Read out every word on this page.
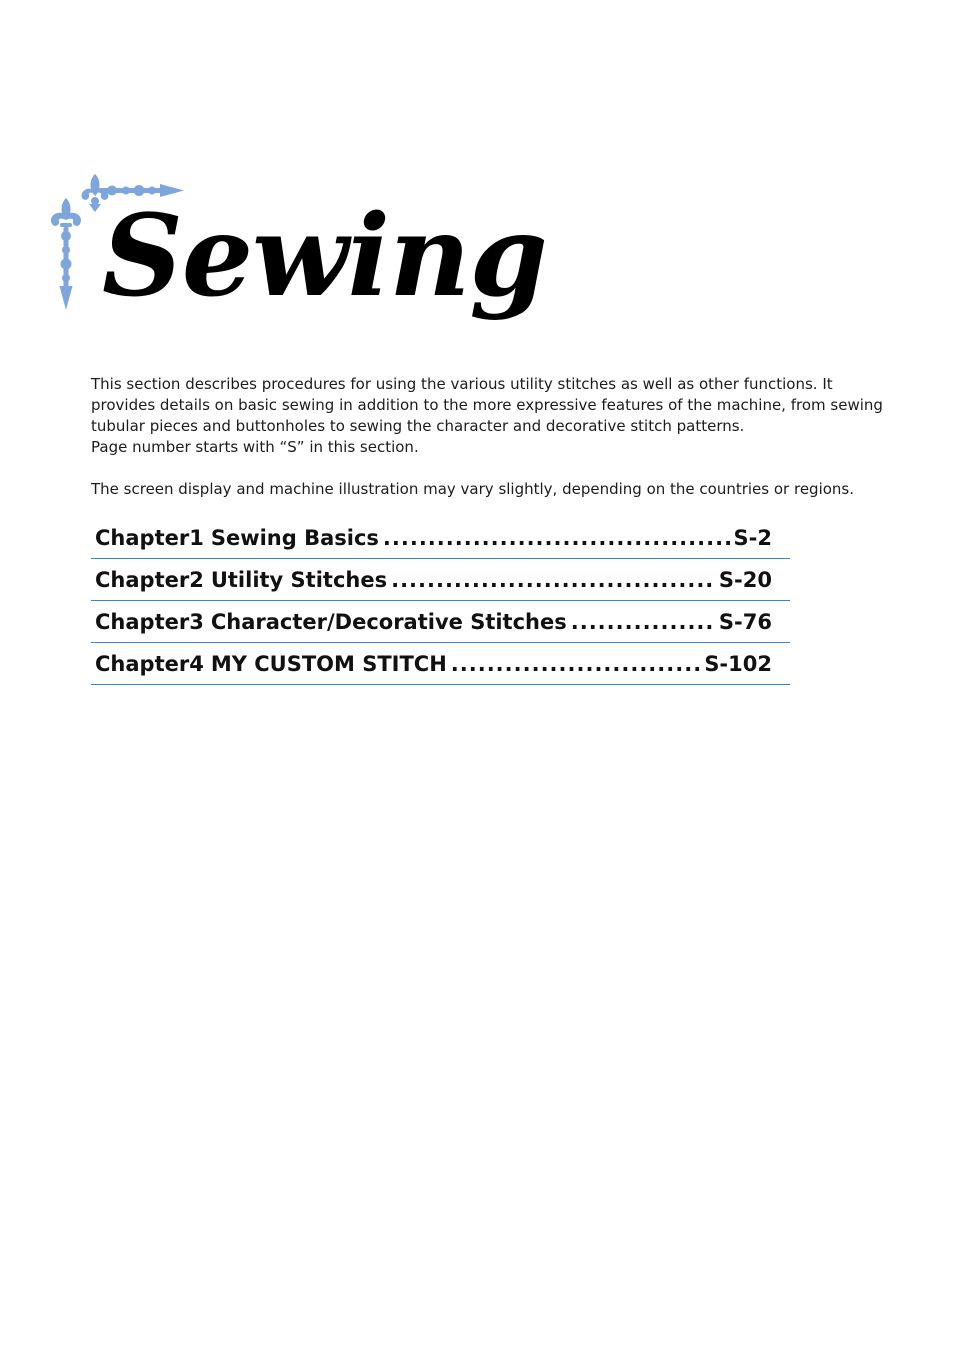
Sewing

This section describes procedures for using the various utility stitches as well as other functions. It provides details on basic sewing in addition to the more expressive features of the machine, from sewing tubular pieces and buttonholes to sewing the character and decorative stitch patterns.

Page number starts with “S” in this section.

The screen display and machine illustration may vary slightly, depending on the countries or regions.

Chapter1 Sewing Basics .....	S-2
Chapter2 Utility Stitches .....	S-20
Chapter3 Character/Decorative Stitches .....	S-76
Chapter4 MY CUSTOM STITCH .....	S-102
